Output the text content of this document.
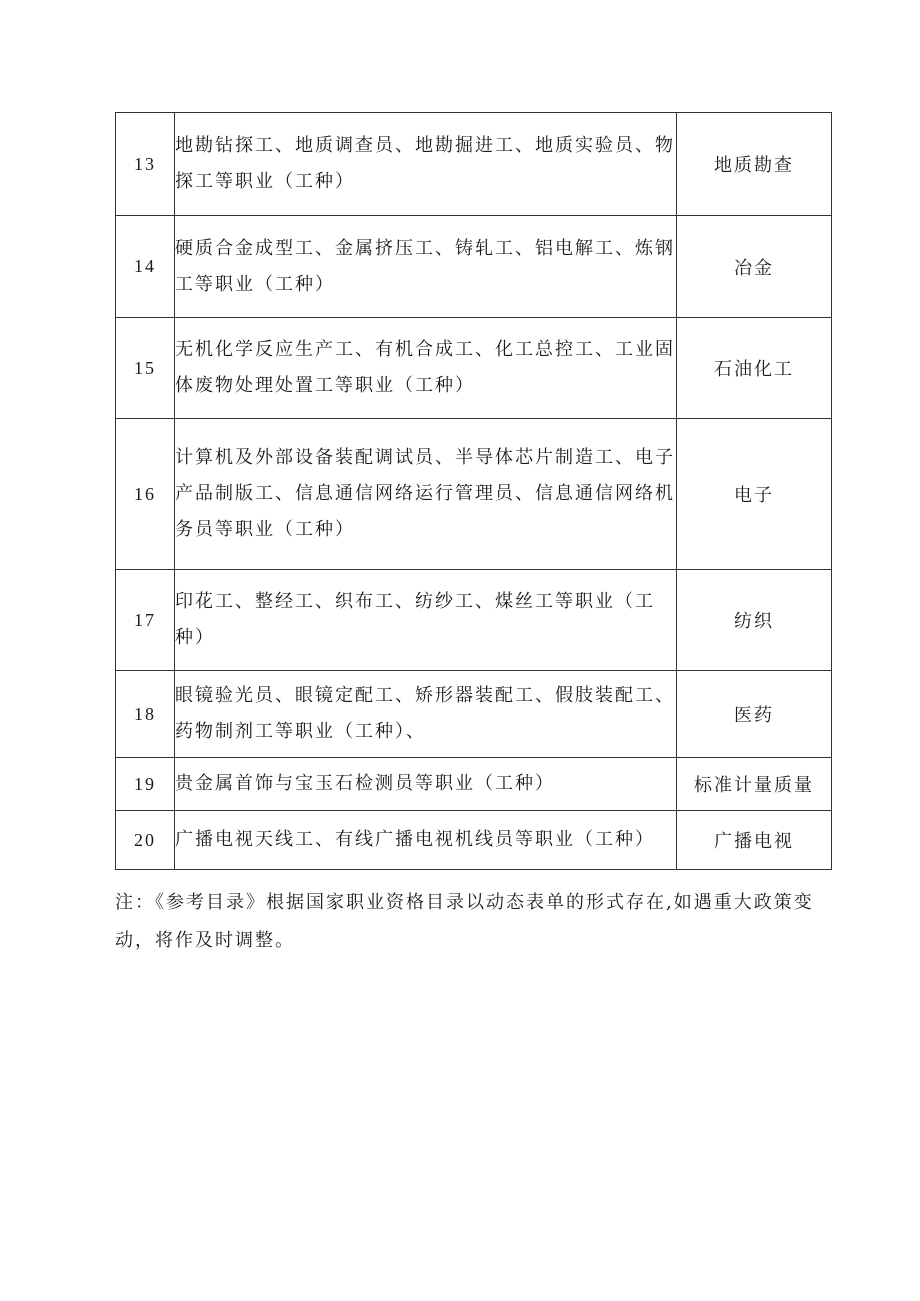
13	地勘钻探工、地质调查员、地勘掘进工、地质实验员、物探工等职业（工种）	地质勘查
14	硬质合金成型工、金属挤压工、铸轧工、铝电解工、炼钢工等职业（工种）	冶金
15	无机化学反应生产工、有机合成工、化工总控工、工业固体废物处理处置工等职业（工种）	石油化工
16	计算机及外部设备装配调试员、半导体芯片制造工、电子产品制版工、信息通信网络运行管理员、信息通信网络机务员等职业（工种）	电子
17	印花工、整经工、织布工、纺纱工、煤丝工等职业（工种）	纺织
18	眼镜验光员、眼镜定配工、矫形器装配工、假肢装配工、药物制剂工等职业（工种）、	医药
19	贵金属首饰与宝玉石检测员等职业（工种）	标准计量质量
20	广播电视天线工、有线广播电视机线员等职业（工种）	广播电视

注：《参考目录》根据国家职业资格目录以动态表单的形式存在,如遇重大政策变动，将作及时调整。
